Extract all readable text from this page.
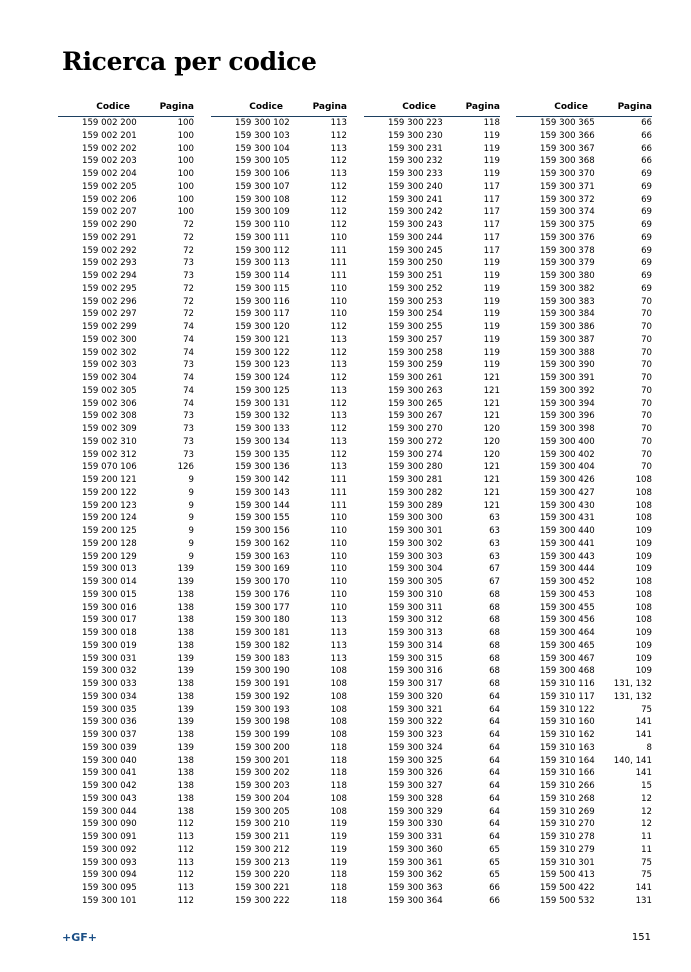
Ricerca per codice
Codice	Pagina
159 002 200	100
159 002 201	100
159 002 202	100
159 002 203	100
159 002 204	100
159 002 205	100
159 002 206	100
159 002 207	100
159 002 290	72
159 002 291	72
159 002 292	72
159 002 293	73
159 002 294	73
159 002 295	72
159 002 296	72
159 002 297	72
159 002 299	74
159 002 300	74
159 002 302	74
159 002 303	73
159 002 304	74
159 002 305	74
159 002 306	74
159 002 308	73
159 002 309	73
159 002 310	73
159 002 312	73
159 070 106	126
159 200 121	9
159 200 122	9
159 200 123	9
159 200 124	9
159 200 125	9
159 200 128	9
159 200 129	9
159 300 013	139
159 300 014	139
159 300 015	138
159 300 016	138
159 300 017	138
159 300 018	138
159 300 019	138
159 300 031	139
159 300 032	139
159 300 033	138
159 300 034	138
159 300 035	139
159 300 036	139
159 300 037	138
159 300 039	139
159 300 040	138
159 300 041	138
159 300 042	138
159 300 043	138
159 300 044	138
159 300 090	112
159 300 091	113
159 300 092	112
159 300 093	113
159 300 094	112
159 300 095	113
159 300 101	112
Codice	Pagina
159 300 102	113
159 300 103	112
159 300 104	113
159 300 105	112
159 300 106	113
159 300 107	112
159 300 108	112
159 300 109	112
159 300 110	112
159 300 111	110
159 300 112	111
159 300 113	111
159 300 114	111
159 300 115	110
159 300 116	110
159 300 117	110
159 300 120	112
159 300 121	113
159 300 122	112
159 300 123	113
159 300 124	112
159 300 125	113
159 300 131	112
159 300 132	113
159 300 133	112
159 300 134	113
159 300 135	112
159 300 136	113
159 300 142	111
159 300 143	111
159 300 144	111
159 300 155	110
159 300 156	110
159 300 162	110
159 300 163	110
159 300 169	110
159 300 170	110
159 300 176	110
159 300 177	110
159 300 180	113
159 300 181	113
159 300 182	113
159 300 183	113
159 300 190	108
159 300 191	108
159 300 192	108
159 300 193	108
159 300 198	108
159 300 199	108
159 300 200	118
159 300 201	118
159 300 202	118
159 300 203	118
159 300 204	108
159 300 205	108
159 300 210	119
159 300 211	119
159 300 212	119
159 300 213	119
159 300 220	118
159 300 221	118
159 300 222	118
Codice	Pagina
159 300 223	118
159 300 230	119
159 300 231	119
159 300 232	119
159 300 233	119
159 300 240	117
159 300 241	117
159 300 242	117
159 300 243	117
159 300 244	117
159 300 245	117
159 300 250	119
159 300 251	119
159 300 252	119
159 300 253	119
159 300 254	119
159 300 255	119
159 300 257	119
159 300 258	119
159 300 259	119
159 300 261	121
159 300 263	121
159 300 265	121
159 300 267	121
159 300 270	120
159 300 272	120
159 300 274	120
159 300 280	121
159 300 281	121
159 300 282	121
159 300 289	121
159 300 300	63
159 300 301	63
159 300 302	63
159 300 303	63
159 300 304	67
159 300 305	67
159 300 310	68
159 300 311	68
159 300 312	68
159 300 313	68
159 300 314	68
159 300 315	68
159 300 316	68
159 300 317	68
159 300 320	64
159 300 321	64
159 300 322	64
159 300 323	64
159 300 324	64
159 300 325	64
159 300 326	64
159 300 327	64
159 300 328	64
159 300 329	64
159 300 330	64
159 300 331	64
159 300 360	65
159 300 361	65
159 300 362	65
159 300 363	66
159 300 364	66
Codice	Pagina
159 300 365	66
159 300 366	66
159 300 367	66
159 300 368	66
159 300 370	69
159 300 371	69
159 300 372	69
159 300 374	69
159 300 375	69
159 300 376	69
159 300 378	69
159 300 379	69
159 300 380	69
159 300 382	69
159 300 383	70
159 300 384	70
159 300 386	70
159 300 387	70
159 300 388	70
159 300 390	70
159 300 391	70
159 300 392	70
159 300 394	70
159 300 396	70
159 300 398	70
159 300 400	70
159 300 402	70
159 300 404	70
159 300 426	108
159 300 427	108
159 300 430	108
159 300 431	108
159 300 440	109
159 300 441	109
159 300 443	109
159 300 444	109
159 300 452	108
159 300 453	108
159 300 455	108
159 300 456	108
159 300 464	109
159 300 465	109
159 300 467	109
159 300 468	109
159 310 116	131, 132
159 310 117	131, 132
159 310 122	75
159 310 160	141
159 310 162	141
159 310 163	8
159 310 164	140, 141
159 310 166	141
159 310 266	15
159 310 268	12
159 310 269	12
159 310 270	12
159 310 278	11
159 310 279	11
159 310 301	75
159 500 413	75
159 500 422	141
159 500 532	131
+GF+	151
